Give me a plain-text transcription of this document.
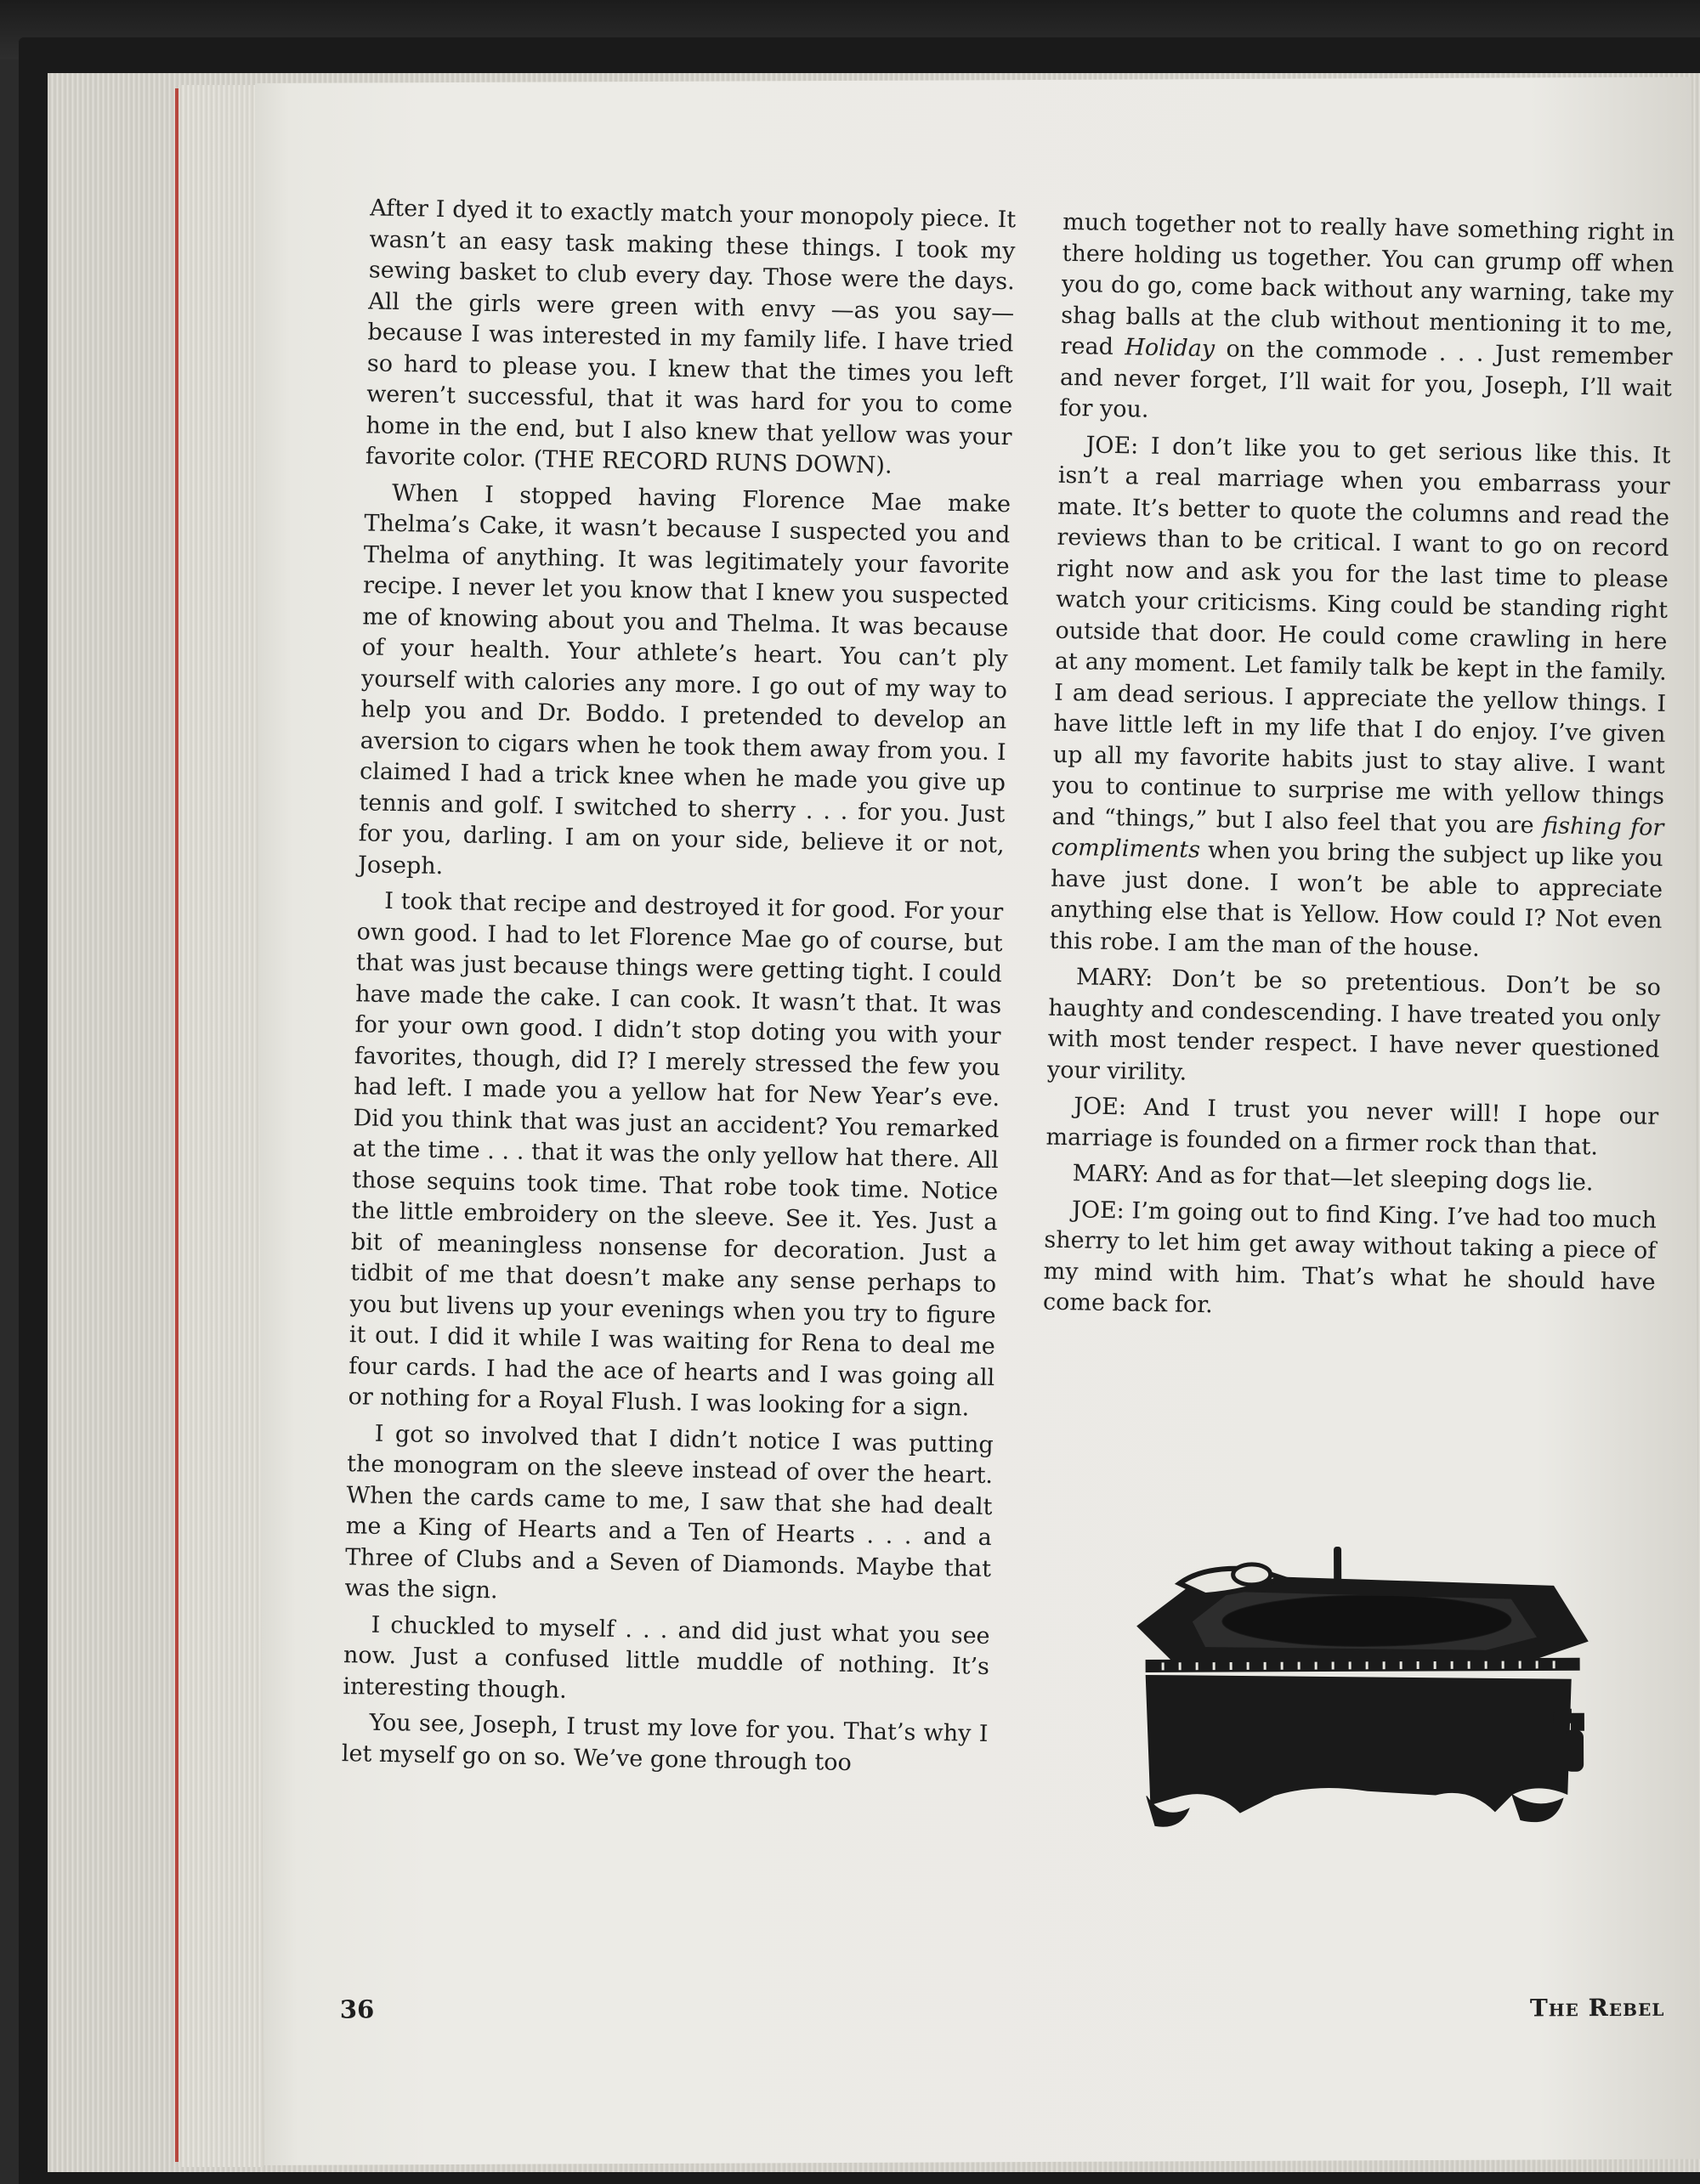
After I dyed it to exactly match your monopoly piece. It wasn’t an easy task making these things. I took my sewing basket to club every day. Those were the days. All the girls were green with envy —as you say—because I was interested in my family life. I have tried so hard to please you. I knew that the times you left weren’t successful, that it was hard for you to come home in the end, but I also knew that yellow was your favorite color. (THE RECORD RUNS DOWN).

When I stopped having Florence Mae make Thelma’s Cake, it wasn’t because I suspected you and Thelma of anything. It was legitimately your favorite recipe. I never let you know that I knew you suspected me of knowing about you and Thelma. It was because of your health. Your athlete’s heart. You can’t ply yourself with calories any more. I go out of my way to help you and Dr. Boddo. I pretended to develop an aversion to cigars when he took them away from you. I claimed I had a trick knee when he made you give up tennis and golf. I switched to sherry . . . for you. Just for you, darling. I am on your side, believe it or not, Joseph.

I took that recipe and destroyed it for good. For your own good. I had to let Florence Mae go of course, but that was just because things were getting tight. I could have made the cake. I can cook. It wasn’t that. It was for your own good. I didn’t stop doting you with your favorites, though, did I? I merely stressed the few you had left. I made you a yellow hat for New Year’s eve. Did you think that was just an accident? You remarked at the time . . . that it was the only yellow hat there. All those sequins took time. That robe took time. Notice the little embroidery on the sleeve. See it. Yes. Just a bit of meaningless nonsense for decoration. Just a tidbit of me that doesn’t make any sense perhaps to you but livens up your evenings when you try to figure it out. I did it while I was waiting for Rena to deal me four cards. I had the ace of hearts and I was going all or nothing for a Royal Flush. I was looking for a sign.

I got so involved that I didn’t notice I was putting the monogram on the sleeve instead of over the heart. When the cards came to me, I saw that she had dealt me a King of Hearts and a Ten of Hearts . . . and a Three of Clubs and a Seven of Diamonds. Maybe that was the sign.

I chuckled to myself . . . and did just what you see now. Just a confused little muddle of nothing. It’s interesting though.

You see, Joseph, I trust my love for you. That’s why I let myself go on so. We’ve gone through too

much together not to really have something right in there holding us together. You can grump off when you do go, come back without any warning, take my shag balls at the club without mentioning it to me, read Holiday on the commode . . . Just remember and never forget, I’ll wait for you, Joseph, I’ll wait for you.

JOE: I don’t like you to get serious like this. It isn’t a real marriage when you embarrass your mate. It’s better to quote the columns and read the reviews than to be critical. I want to go on record right now and ask you for the last time to please watch your criticisms. King could be standing right outside that door. He could come crawling in here at any moment. Let family talk be kept in the family. I am dead serious. I appreciate the yellow things. I have little left in my life that I do enjoy. I’ve given up all my favorite habits just to stay alive. I want you to continue to surprise me with yellow things and “things,” but I also feel that you are fishing for compliments when you bring the subject up like you have just done. I won’t be able to appreciate anything else that is Yellow. How could I? Not even this robe. I am the man of the house.

MARY: Don’t be so pretentious. Don’t be so haughty and condescending. I have treated you only with most tender respect. I have never questioned your virility.

JOE: And I trust you never will! I hope our marriage is founded on a firmer rock than that.

MARY: And as for that—let sleeping dogs lie.

JOE: I’m going out to find King. I’ve had too much sherry to let him get away without taking a piece of my mind with him. That’s what he should have come back for.

36	The Rebel
